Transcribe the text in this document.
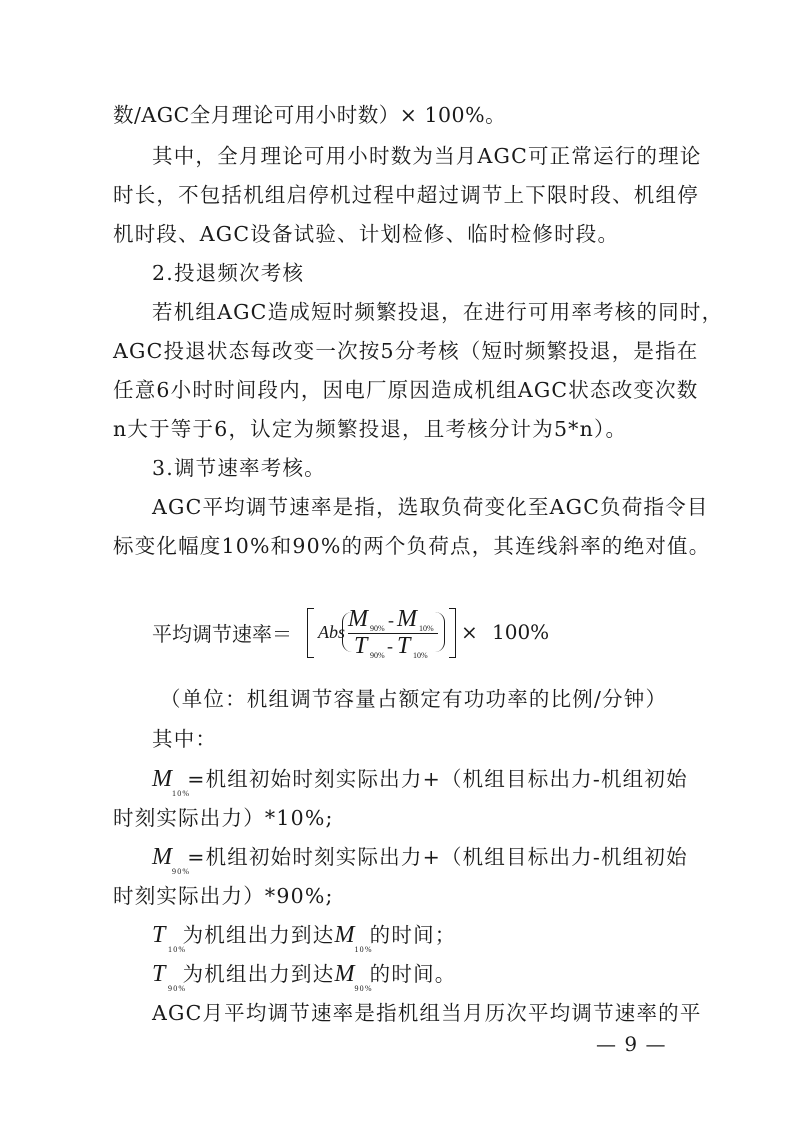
数/AGC全月理论可用小时数）× 100%。
其中，全月理论可用小时数为当月AGC可正常运行的理论
时长，不包括机组启停机过程中超过调节上下限时段、机组停
机时段、AGC设备试验、计划检修、临时检修时段。
2.投退频次考核
若机组AGC造成短时频繁投退，在进行可用率考核的同时，
AGC投退状态每改变一次按5分考核（短时频繁投退，是指在
任意6小时时间段内，因电厂原因造成机组AGC状态改变次数
n大于等于6，认定为频繁投退，且考核分计为5*n）。
3.调节速率考核。
AGC平均调节速率是指，选取负荷变化至AGC负荷指令目
标变化幅度10%和90%的两个负荷点，其连线斜率的绝对值。
平均调节速率＝ Abs M 90% - M 10%
T 90% - T 10%
× 100%
（单位：机组调节容量占额定有功功率的比例/分钟）
其中：
M
10%
=机组初始时刻实际出力+（机组目标出力-机组初始
时刻实际出力）*10%;
M
90%
=机组初始时刻实际出力+（机组目标出力-机组初始
时刻实际出力）*90%;
T
10%
为机组出力到达M
10%
的时间；
T
90%
为机组出力到达M
90%
的时间。
AGC月平均调节速率是指机组当月历次平均调节速率的平
— 9 —
